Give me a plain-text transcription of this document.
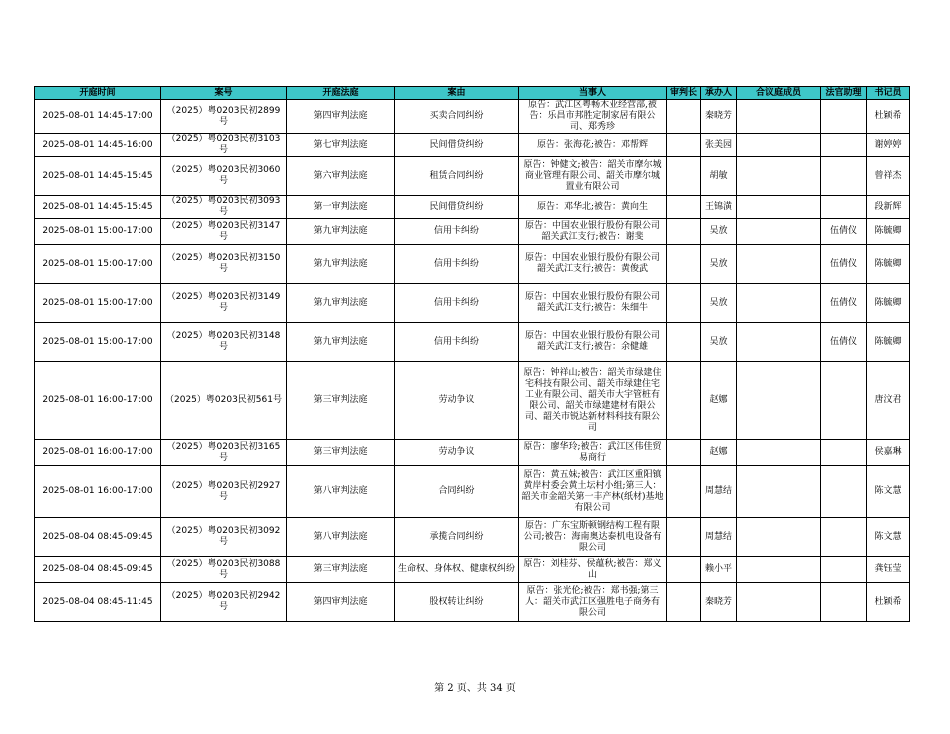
开庭时间	案号	开庭法庭	案由	当事人	审判长	承办人	合议庭成员	法官助理	书记员
2025-08-01 14:45-17:00	（2025）粤0203民初2899号	第四审判法庭	买卖合同纠纷	原告：武江区粤畅木业经营部,被告：乐昌市邦胜定制家居有限公司、郑秀珍		秦晓芳			杜颖希
2025-08-01 14:45-16:00	（2025）粤0203民初3103号	第七审判法庭	民间借贷纠纷	原告：张海花;被告：邓帮辉		张美园			谢婷婷
2025-08-01 14:45-15:45	（2025）粤0203民初3060号	第六审判法庭	租赁合同纠纷	原告：钟健文;被告：韶关市摩尔城商业管理有限公司、韶关市摩尔城置业有限公司		胡敏			曾祥杰
2025-08-01 14:45-15:45	（2025）粤0203民初3093号	第一审判法庭	民间借贷纠纷	原告：邓华北;被告：黄向生		王锦潢			段新辉
2025-08-01 15:00-17:00	（2025）粤0203民初3147号	第九审判法庭	信用卡纠纷	原告：中国农业银行股份有限公司韶关武江支行;被告：谢斐		吴放		伍倩仪	陈毓卿
2025-08-01 15:00-17:00	（2025）粤0203民初3150号	第九审判法庭	信用卡纠纷	原告：中国农业银行股份有限公司韶关武江支行;被告：黄俊武		吴放		伍倩仪	陈毓卿
2025-08-01 15:00-17:00	（2025）粤0203民初3149号	第九审判法庭	信用卡纠纷	原告：中国农业银行股份有限公司韶关武江支行;被告：朱细牛		吴放		伍倩仪	陈毓卿
2025-08-01 15:00-17:00	（2025）粤0203民初3148号	第九审判法庭	信用卡纠纷	原告：中国农业银行股份有限公司韶关武江支行;被告：余健雄		吴放		伍倩仪	陈毓卿
2025-08-01 16:00-17:00	（2025）粤0203民初561号	第三审判法庭	劳动争议	原告：钟祥山;被告：韶关市绿建住宅科技有限公司、韶关市绿建住宅工业有限公司、韶关市大宇管桩有限公司、韶关市绿建建材有限公司、韶关市锐达新材料科技有限公司		赵娜			唐汶君
2025-08-01 16:00-17:00	（2025）粤0203民初3165号	第三审判法庭	劳动争议	原告：廖华玲;被告：武江区伟佳贸易商行		赵娜			侯嘉琳
2025-08-01 16:00-17:00	（2025）粤0203民初2927号	第八审判法庭	合同纠纷	原告：黄五妹;被告：武江区重阳镇黄岸村委会黄土坛村小组;第三人：韶关市金韶关第一丰产林(纸材)基地有限公司		周慧结			陈文慧
2025-08-04 08:45-09:45	（2025）粤0203民初3092号	第八审判法庭	承揽合同纠纷	原告：广东宝斯顿钢结构工程有限公司;被告：海南奥达泰机电设备有限公司		周慧结			陈文慧
2025-08-04 08:45-09:45	（2025）粤0203民初3088号	第三审判法庭	生命权、身体权、健康权纠纷	原告：刘桂芬、侯蕴秋;被告：郑义山		赖小平			龚钰莹
2025-08-04 08:45-11:45	（2025）粤0203民初2942号	第四审判法庭	股权转让纠纷	原告：张光伦;被告：郑书强;第三人：韶关市武江区强胜电子商务有限公司		秦晓芳			杜颖希
第 2 页、共 34 页
